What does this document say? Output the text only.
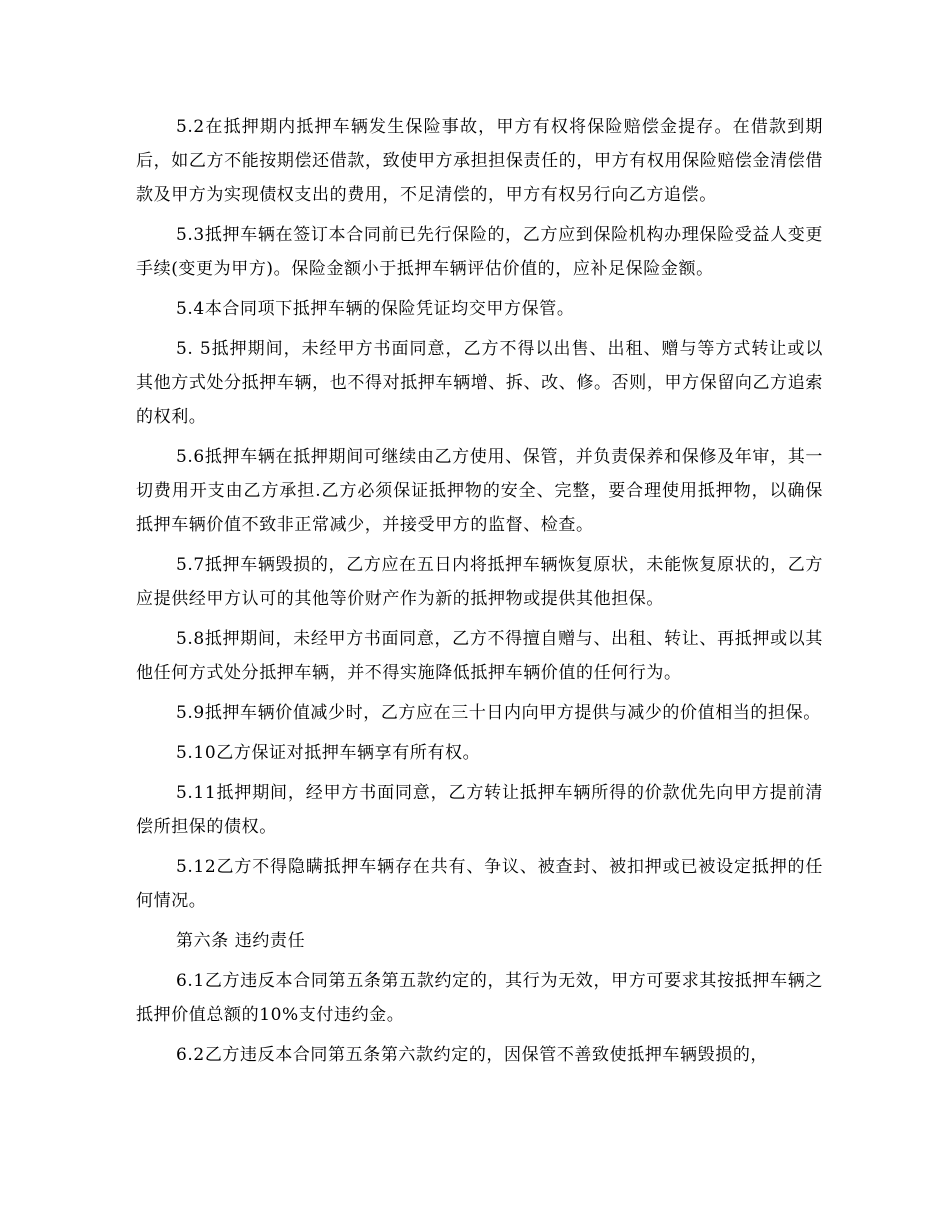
5.2在抵押期内抵押车辆发生保险事故，甲方有权将保险赔偿金提存。在借款到期后，如乙方不能按期偿还借款，致使甲方承担担保责任的，甲方有权用保险赔偿金清偿借款及甲方为实现债权支出的费用，不足清偿的，甲方有权另行向乙方追偿。

5.3抵押车辆在签订本合同前已先行保险的，乙方应到保险机构办理保险受益人变更手续(变更为甲方)。保险金额小于抵押车辆评估价值的，应补足保险金额。

5.4本合同项下抵押车辆的保险凭证均交甲方保管。

5. 5抵押期间，未经甲方书面同意，乙方不得以出售、出租、赠与等方式转让或以其他方式处分抵押车辆，也不得对抵押车辆增、拆、改、修。否则，甲方保留向乙方追索的权利。

5.6抵押车辆在抵押期间可继续由乙方使用、保管，并负责保养和保修及年审，其一切费用开支由乙方承担.乙方必须保证抵押物的安全、完整，要合理使用抵押物，以确保抵押车辆价值不致非正常减少，并接受甲方的监督、检查。

5.7抵押车辆毁损的，乙方应在五日内将抵押车辆恢复原状，未能恢复原状的，乙方应提供经甲方认可的其他等价财产作为新的抵押物或提供其他担保。

5.8抵押期间，未经甲方书面同意，乙方不得擅自赠与、出租、转让、再抵押或以其他任何方式处分抵押车辆，并不得实施降低抵押车辆价值的任何行为。

5.9抵押车辆价值减少时，乙方应在三十日内向甲方提供与减少的价值相当的担保。

5.10乙方保证对抵押车辆享有所有权。

5.11抵押期间，经甲方书面同意，乙方转让抵押车辆所得的价款优先向甲方提前清偿所担保的债权。

5.12乙方不得隐瞒抵押车辆存在共有、争议、被查封、被扣押或已被设定抵押的任何情况。

第六条 违约责任

6.1乙方违反本合同第五条第五款约定的，其行为无效，甲方可要求其按抵押车辆之抵押价值总额的10%支付违约金。

6.2乙方违反本合同第五条第六款约定的，因保管不善致使抵押车辆毁损的，
